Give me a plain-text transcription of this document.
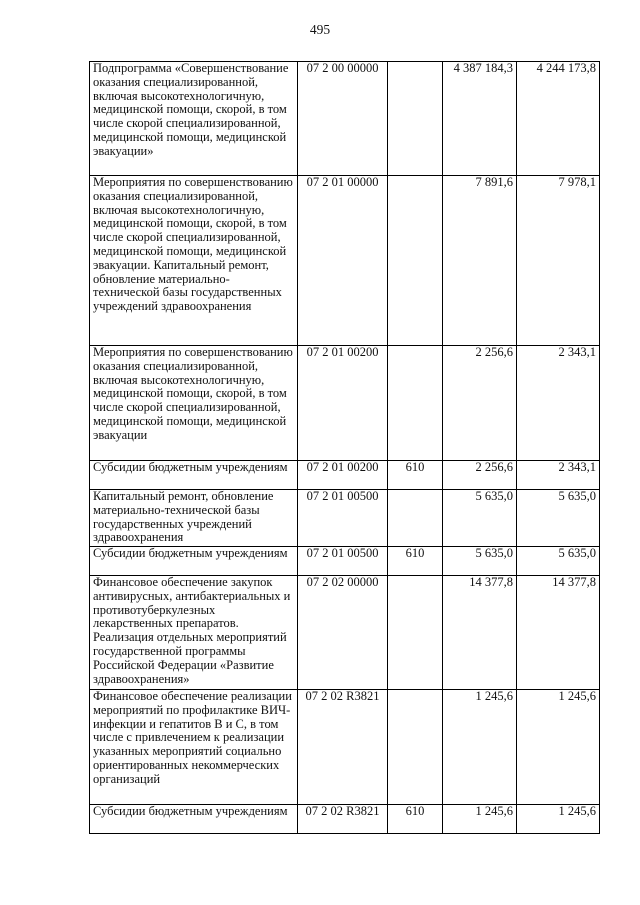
495
Подпрограмма «Совершенствование оказания специализированной, включая высокотехнологичную, медицинской помощи, скорой, в том числе скорой специализированной, медицинской помощи, медицинской эвакуации»	07 2 00 00000		4 387 184,3	4 244 173,8
Мероприятия по совершенствованию оказания специализированной, включая высокотехнологичную, медицинской помощи, скорой, в том числе скорой специализированной, медицинской помощи, медицинской эвакуации. Капитальный ремонт, обновление материально-технической базы государственных учреждений здравоохранения	07 2 01 00000		7 891,6	7 978,1
Мероприятия по совершенствованию оказания специализированной, включая высокотехнологичную, медицинской помощи, скорой, в том числе скорой специализированной, медицинской помощи, медицинской эвакуации	07 2 01 00200		2 256,6	2 343,1
Субсидии бюджетным учреждениям	07 2 01 00200	610	2 256,6	2 343,1
Капитальный ремонт, обновление материально-технической базы государственных учреждений здравоохранения	07 2 01 00500		5 635,0	5 635,0
Субсидии бюджетным учреждениям	07 2 01 00500	610	5 635,0	5 635,0
Финансовое обеспечение закупок антивирусных, антибактериальных и противотуберкулезных лекарственных препаратов. Реализация отдельных мероприятий государственной программы Российской Федерации «Развитие здравоохранения»	07 2 02 00000		14 377,8	14 377,8
Финансовое обеспечение реализации мероприятий по профилактике ВИЧ-инфекции и гепатитов В и С, в том числе с привлечением к реализации указанных мероприятий социально ориентированных некоммерческих организаций	07 2 02 R3821		1 245,6	1 245,6
Субсидии бюджетным учреждениям	07 2 02 R3821	610	1 245,6	1 245,6
